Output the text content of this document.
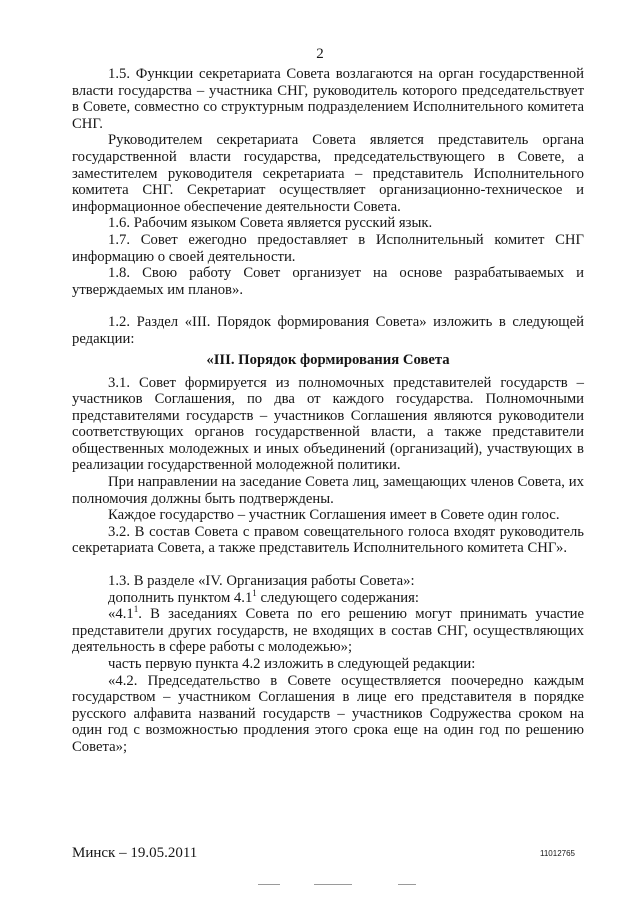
2

1.5. Функции секретариата Совета возлагаются на орган государственной власти государства – участника СНГ, руководитель которого председательствует в Совете, совместно со структурным подразделением Исполнительного комитета СНГ.

Руководителем секретариата Совета является представитель органа государственной власти государства, председательствующего в Совете, а заместителем руководителя секретариата – представитель Исполнительного комитета СНГ. Секретариат осуществляет организационно-техническое и информационное обеспечение деятельности Совета.

1.6. Рабочим языком Совета является русский язык.

1.7. Совет ежегодно предоставляет в Исполнительный комитет СНГ информацию о своей деятельности.

1.8. Свою работу Совет организует на основе разрабатываемых и утверждаемых им планов».

1.2. Раздел «III. Порядок формирования Совета» изложить в следующей редакции:

«III. Порядок формирования Совета

3.1. Совет формируется из полномочных представителей государств – участников Соглашения, по два от каждого государства. Полномочными представителями государств – участников Соглашения являются руководители соответствующих органов государственной власти, а также представители общественных молодежных и иных объединений (организаций), участвующих в реализации государственной молодежной политики.

При направлении на заседание Совета лиц, замещающих членов Совета, их полномочия должны быть подтверждены.

Каждое государство – участник Соглашения имеет в Совете один голос.

3.2. В состав Совета с правом совещательного голоса входят руководитель секретариата Совета, а также представитель Исполнительного комитета СНГ».

1.3. В разделе «IV. Организация работы Совета»:

дополнить пунктом $4.1^1$ следующего содержания:

«$4.1^1$. В заседаниях Совета по его решению могут принимать участие представители других государств, не входящих в состав СНГ, осуществляющих деятельность в сфере работы с молодежью»;

часть первую пункта 4.2 изложить в следующей редакции:

«4.2. Председательство в Совете осуществляется поочередно каждым государством – участником Соглашения в лице его представителя в порядке русского алфавита названий государств – участников Содружества сроком на один год с возможностью продления этого срока еще на один год по решению Совета»;

Минск – 19.05.2011	11012765
